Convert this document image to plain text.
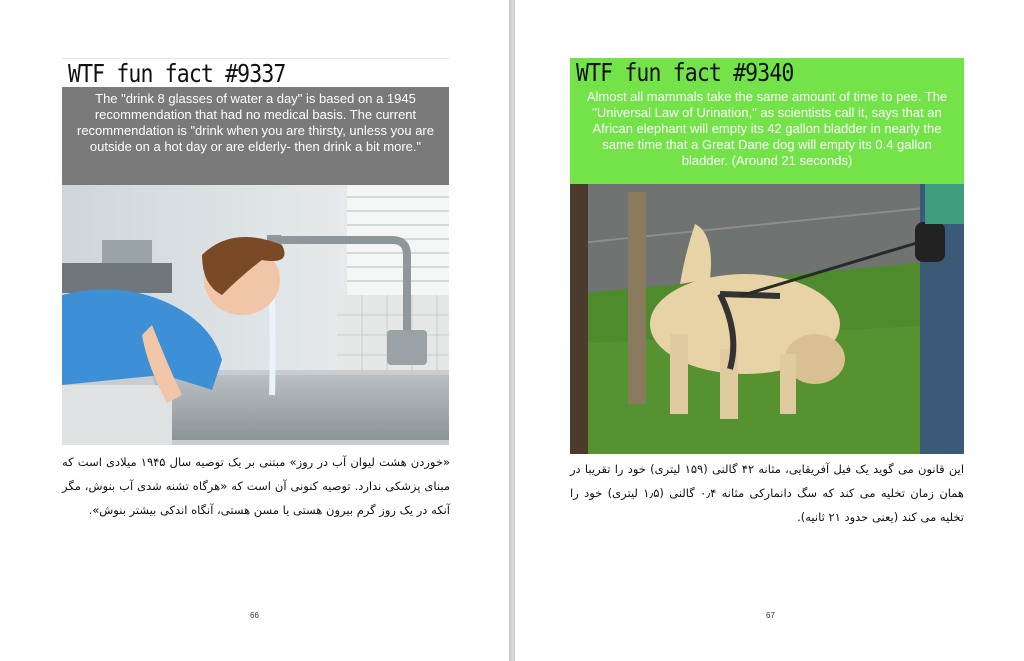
WTF fun fact #9337
The "drink 8 glasses of water a day" is based on a 1945 recommendation that had no medical basis. The current recommendation is "drink when you are thirsty, unless you are outside on a hot day or are elderly- then drink a bit more."
«خوردن هشت لیوان آب در روز» مبتنی بر یک توصیه سال ۱۹۴۵ میلادی است که مبنای پزشکی ندارد. توصیه کنونی آن است که «هرگاه تشنه شدی آب بنوش، مگر آنکه در یک روز گرم بیرون هستی یا مسن هستی، آنگاه اندکی بیشتر بنوش».
66	67
WTF fun fact #9340
Almost all mammals take the same amount of time to pee. The "Universal Law of Urination," as scientists call it, says that an African elephant will empty its 42 gallon bladder in nearly the same time that a Great Dane dog will empty its 0.4 gallon bladder. (Around 21 seconds)
این قانون می گوید یک فیل آفریقایی، مثانه ۴۲ گالنی (۱۵۹ لیتری) خود را تقریبا در همان زمان تخلیه می کند که سگ دانمارکی مثانه ۰٫۴ گالنی (۱٫۵ لیتری) خود را تخلیه می کند (یعنی حدود ۲۱ ثانیه).
